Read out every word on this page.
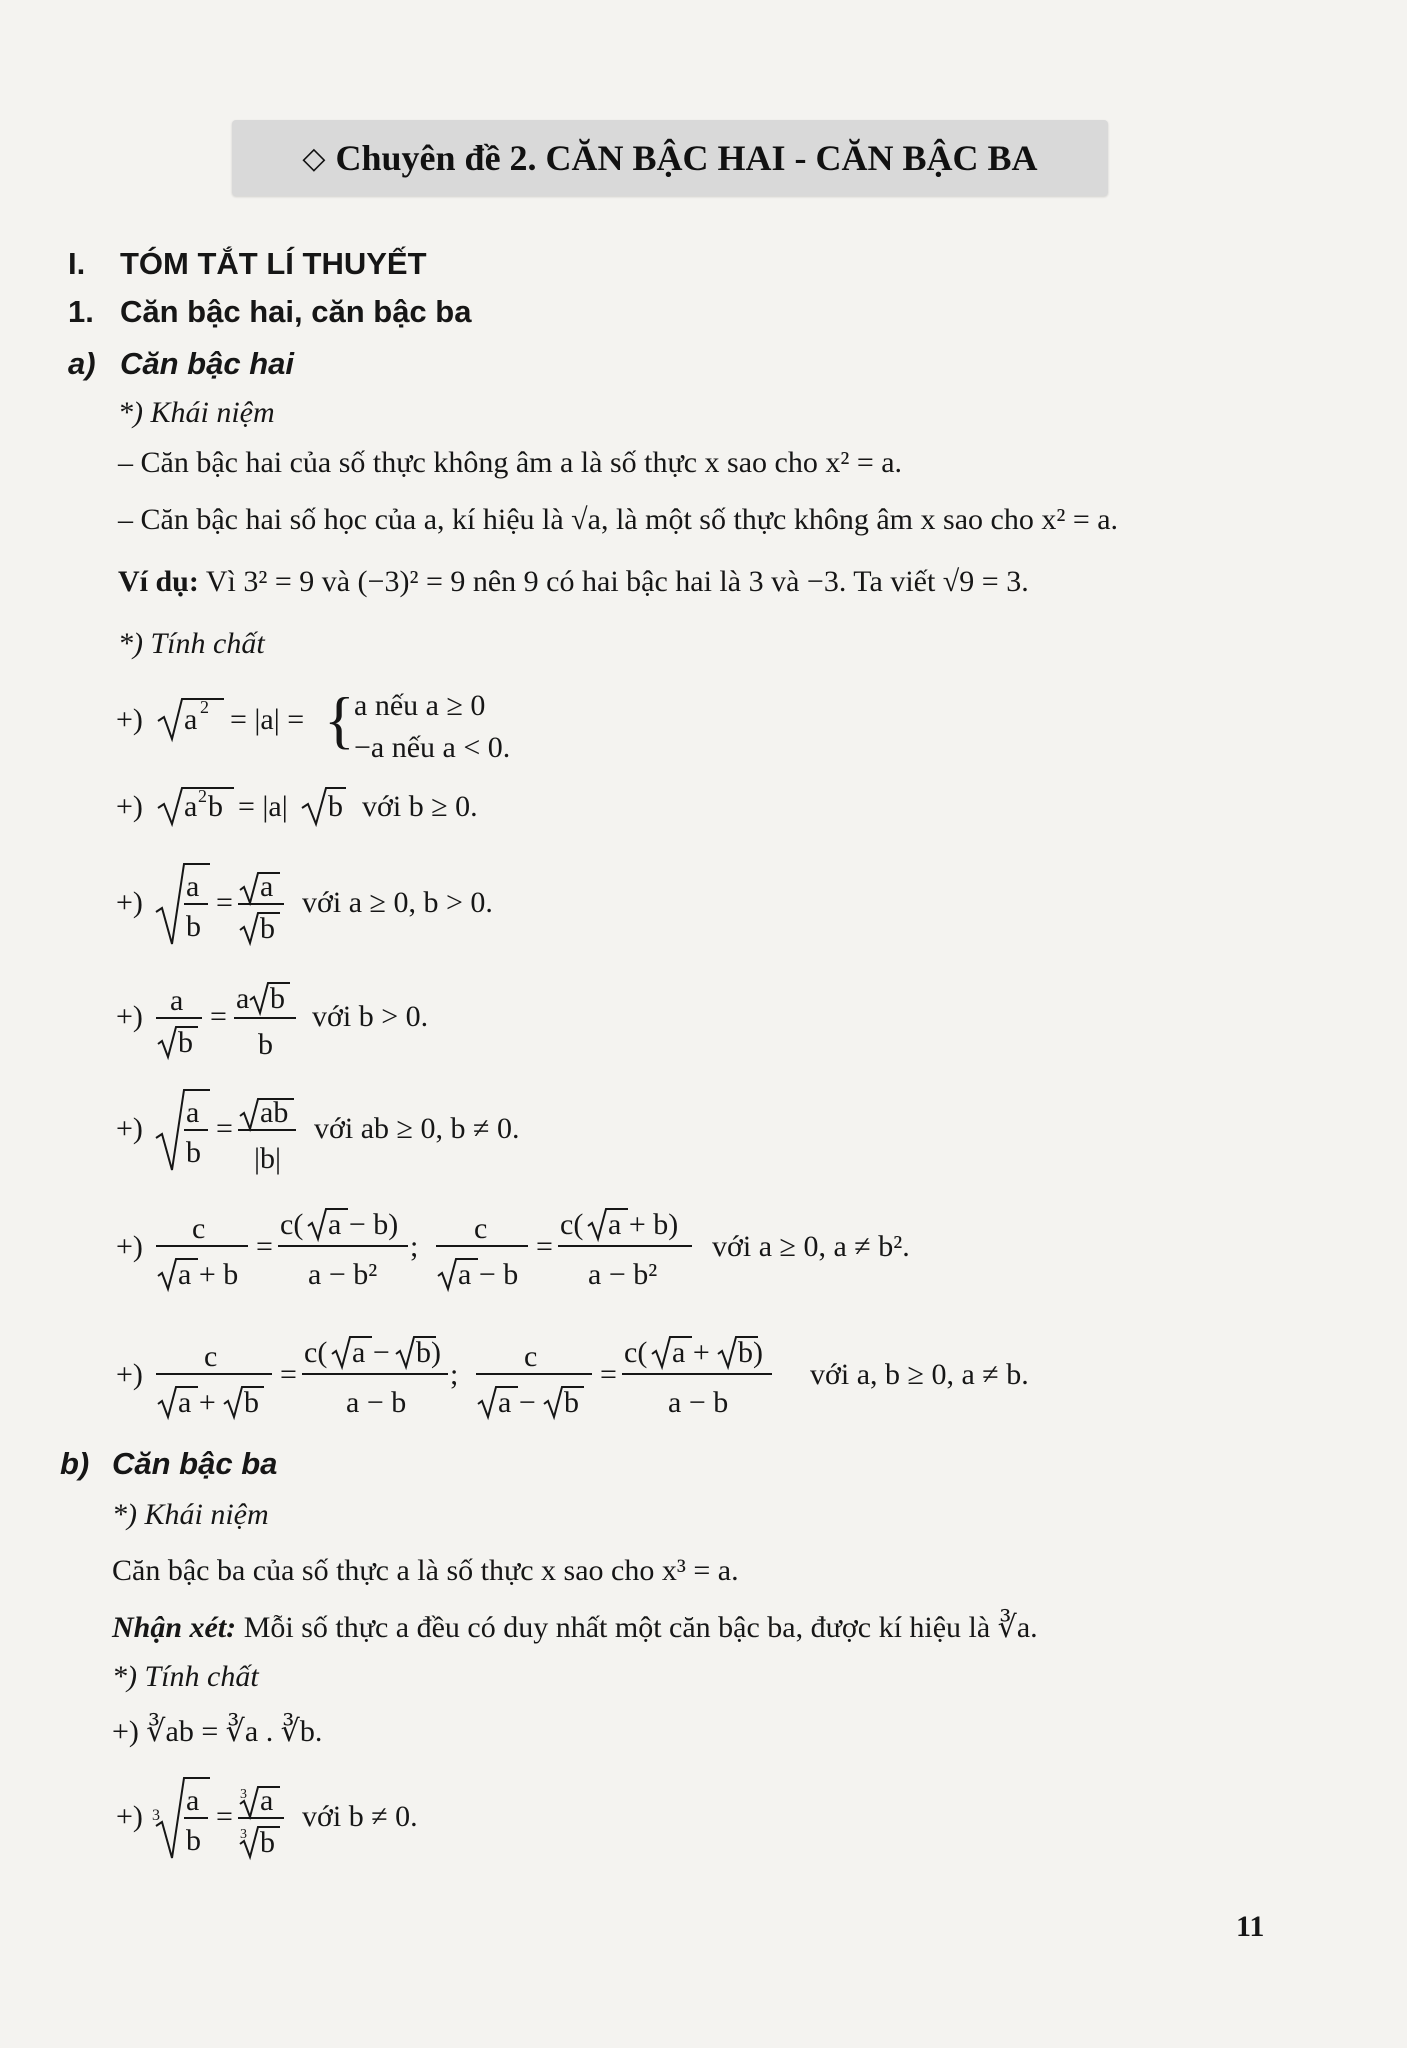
◇ Chuyên đề 2. CĂN BẬC HAI - CĂN BẬC BA
I. TÓM TẮT LÍ THUYẾT
1. Căn bậc hai, căn bậc ba
a) Căn bậc hai
*) Khái niệm
– Căn bậc hai của số thực không âm a là số thực x sao cho x² = a.
– Căn bậc hai số học của a, kí hiệu là √a, là một số thực không âm x sao cho x² = a.
Ví dụ: Vì 3² = 9 và (−3)² = 9 nên 9 có hai bậc hai là 3 và −3. Ta viết √9 = 3.
*) Tính chất
+) a 2 = |a| = { a nếu a ≥ 0
−a nếu a < 0.
+) a 2 b = |a| b với b ≥ 0.
+) a
b
= a
b
với a ≥ 0, b > 0.
+) a
b
=
a b
b
với b > 0.
+) a
b
= ab
|b|
với ab ≥ 0, b ≠ 0.
+)
c
a + b
=
c( a − b)
a − b²
;
c
a − b
=
c( a + b)
a − b²
với a ≥ 0, a ≠ b².
+)
c
a + b
=
c( a − b)
a − b
;
c
a − b
=
c( a + b)
a − b
với a, b ≥ 0, a ≠ b.
b) Căn bậc ba
*) Khái niệm
Căn bậc ba của số thực a là số thực x sao cho x³ = a.
Nhận xét: Mỗi số thực a đều có duy nhất một căn bậc ba, được kí hiệu là ∛a.
*) Tính chất
+) ∛ab = ∛a . ∛b.
+) 3 a
b
=
3 a
3 b
với b ≠ 0.
11
